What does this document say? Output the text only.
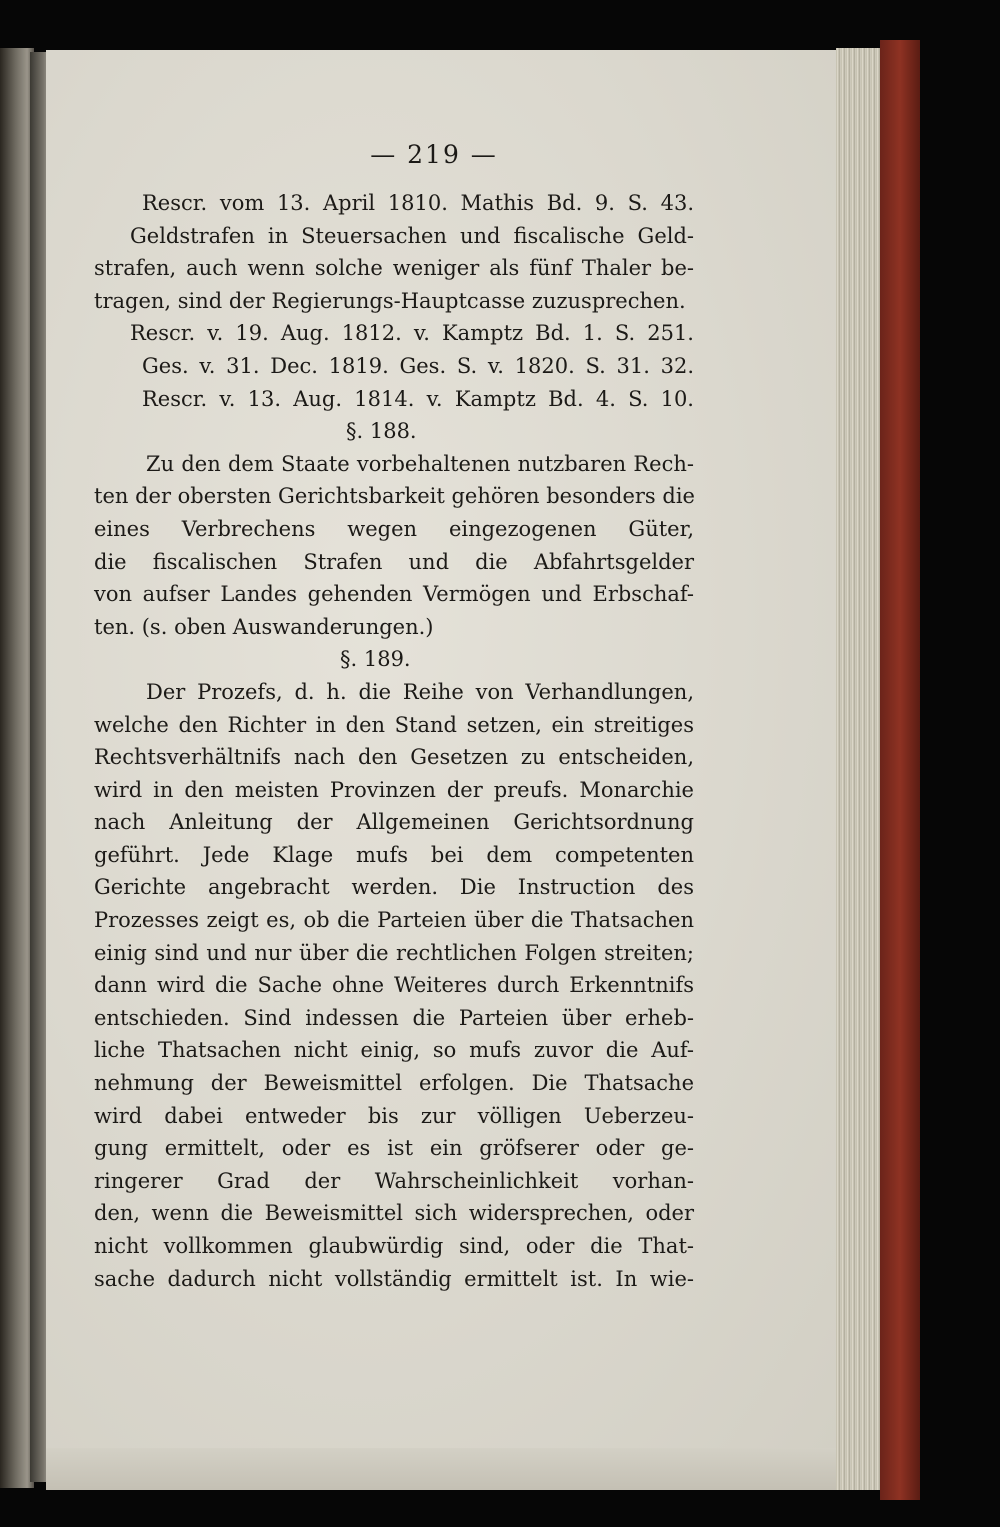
— 219 —
Rescr. vom 13. April 1810. Mathis Bd. 9. S. 43.
Geldstrafen in Steuersachen und fiscalische Geld-
strafen, auch wenn solche weniger als fünf Thaler be-
tragen, sind der Regierungs-Hauptcasse zuzusprechen.
Rescr. v. 19. Aug. 1812. v. Kamptz Bd. 1. S. 251.
Ges. v. 31. Dec. 1819. Ges. S. v. 1820. S. 31. 32.
Rescr. v. 13. Aug. 1814. v. Kamptz Bd. 4. S. 10.
§. 188.
Zu den dem Staate vorbehaltenen nutzbaren Rech-
ten der obersten Gerichtsbarkeit gehören besonders die
eines Verbrechens wegen eingezogenen Güter,
die fiscalischen Strafen und die Abfahrtsgelder
von aufser Landes gehenden Vermögen und Erbschaf-
ten. (s. oben Auswanderungen.)
§. 189.
Der Prozefs, d. h. die Reihe von Verhandlungen,
welche den Richter in den Stand setzen, ein streitiges
Rechtsverhältnifs nach den Gesetzen zu entscheiden,
wird in den meisten Provinzen der preufs. Monarchie
nach Anleitung der Allgemeinen Gerichtsordnung
geführt. Jede Klage mufs bei dem competenten
Gerichte angebracht werden. Die Instruction des
Prozesses zeigt es, ob die Parteien über die Thatsachen
einig sind und nur über die rechtlichen Folgen streiten;
dann wird die Sache ohne Weiteres durch Erkenntnifs
entschieden. Sind indessen die Parteien über erheb-
liche Thatsachen nicht einig, so mufs zuvor die Auf-
nehmung der Beweismittel erfolgen. Die Thatsache
wird dabei entweder bis zur völligen Ueberzeu-
gung ermittelt, oder es ist ein gröfserer oder ge-
ringerer Grad der Wahrscheinlichkeit vorhan-
den, wenn die Beweismittel sich widersprechen, oder
nicht vollkommen glaubwürdig sind, oder die That-
sache dadurch nicht vollständig ermittelt ist. In wie-
